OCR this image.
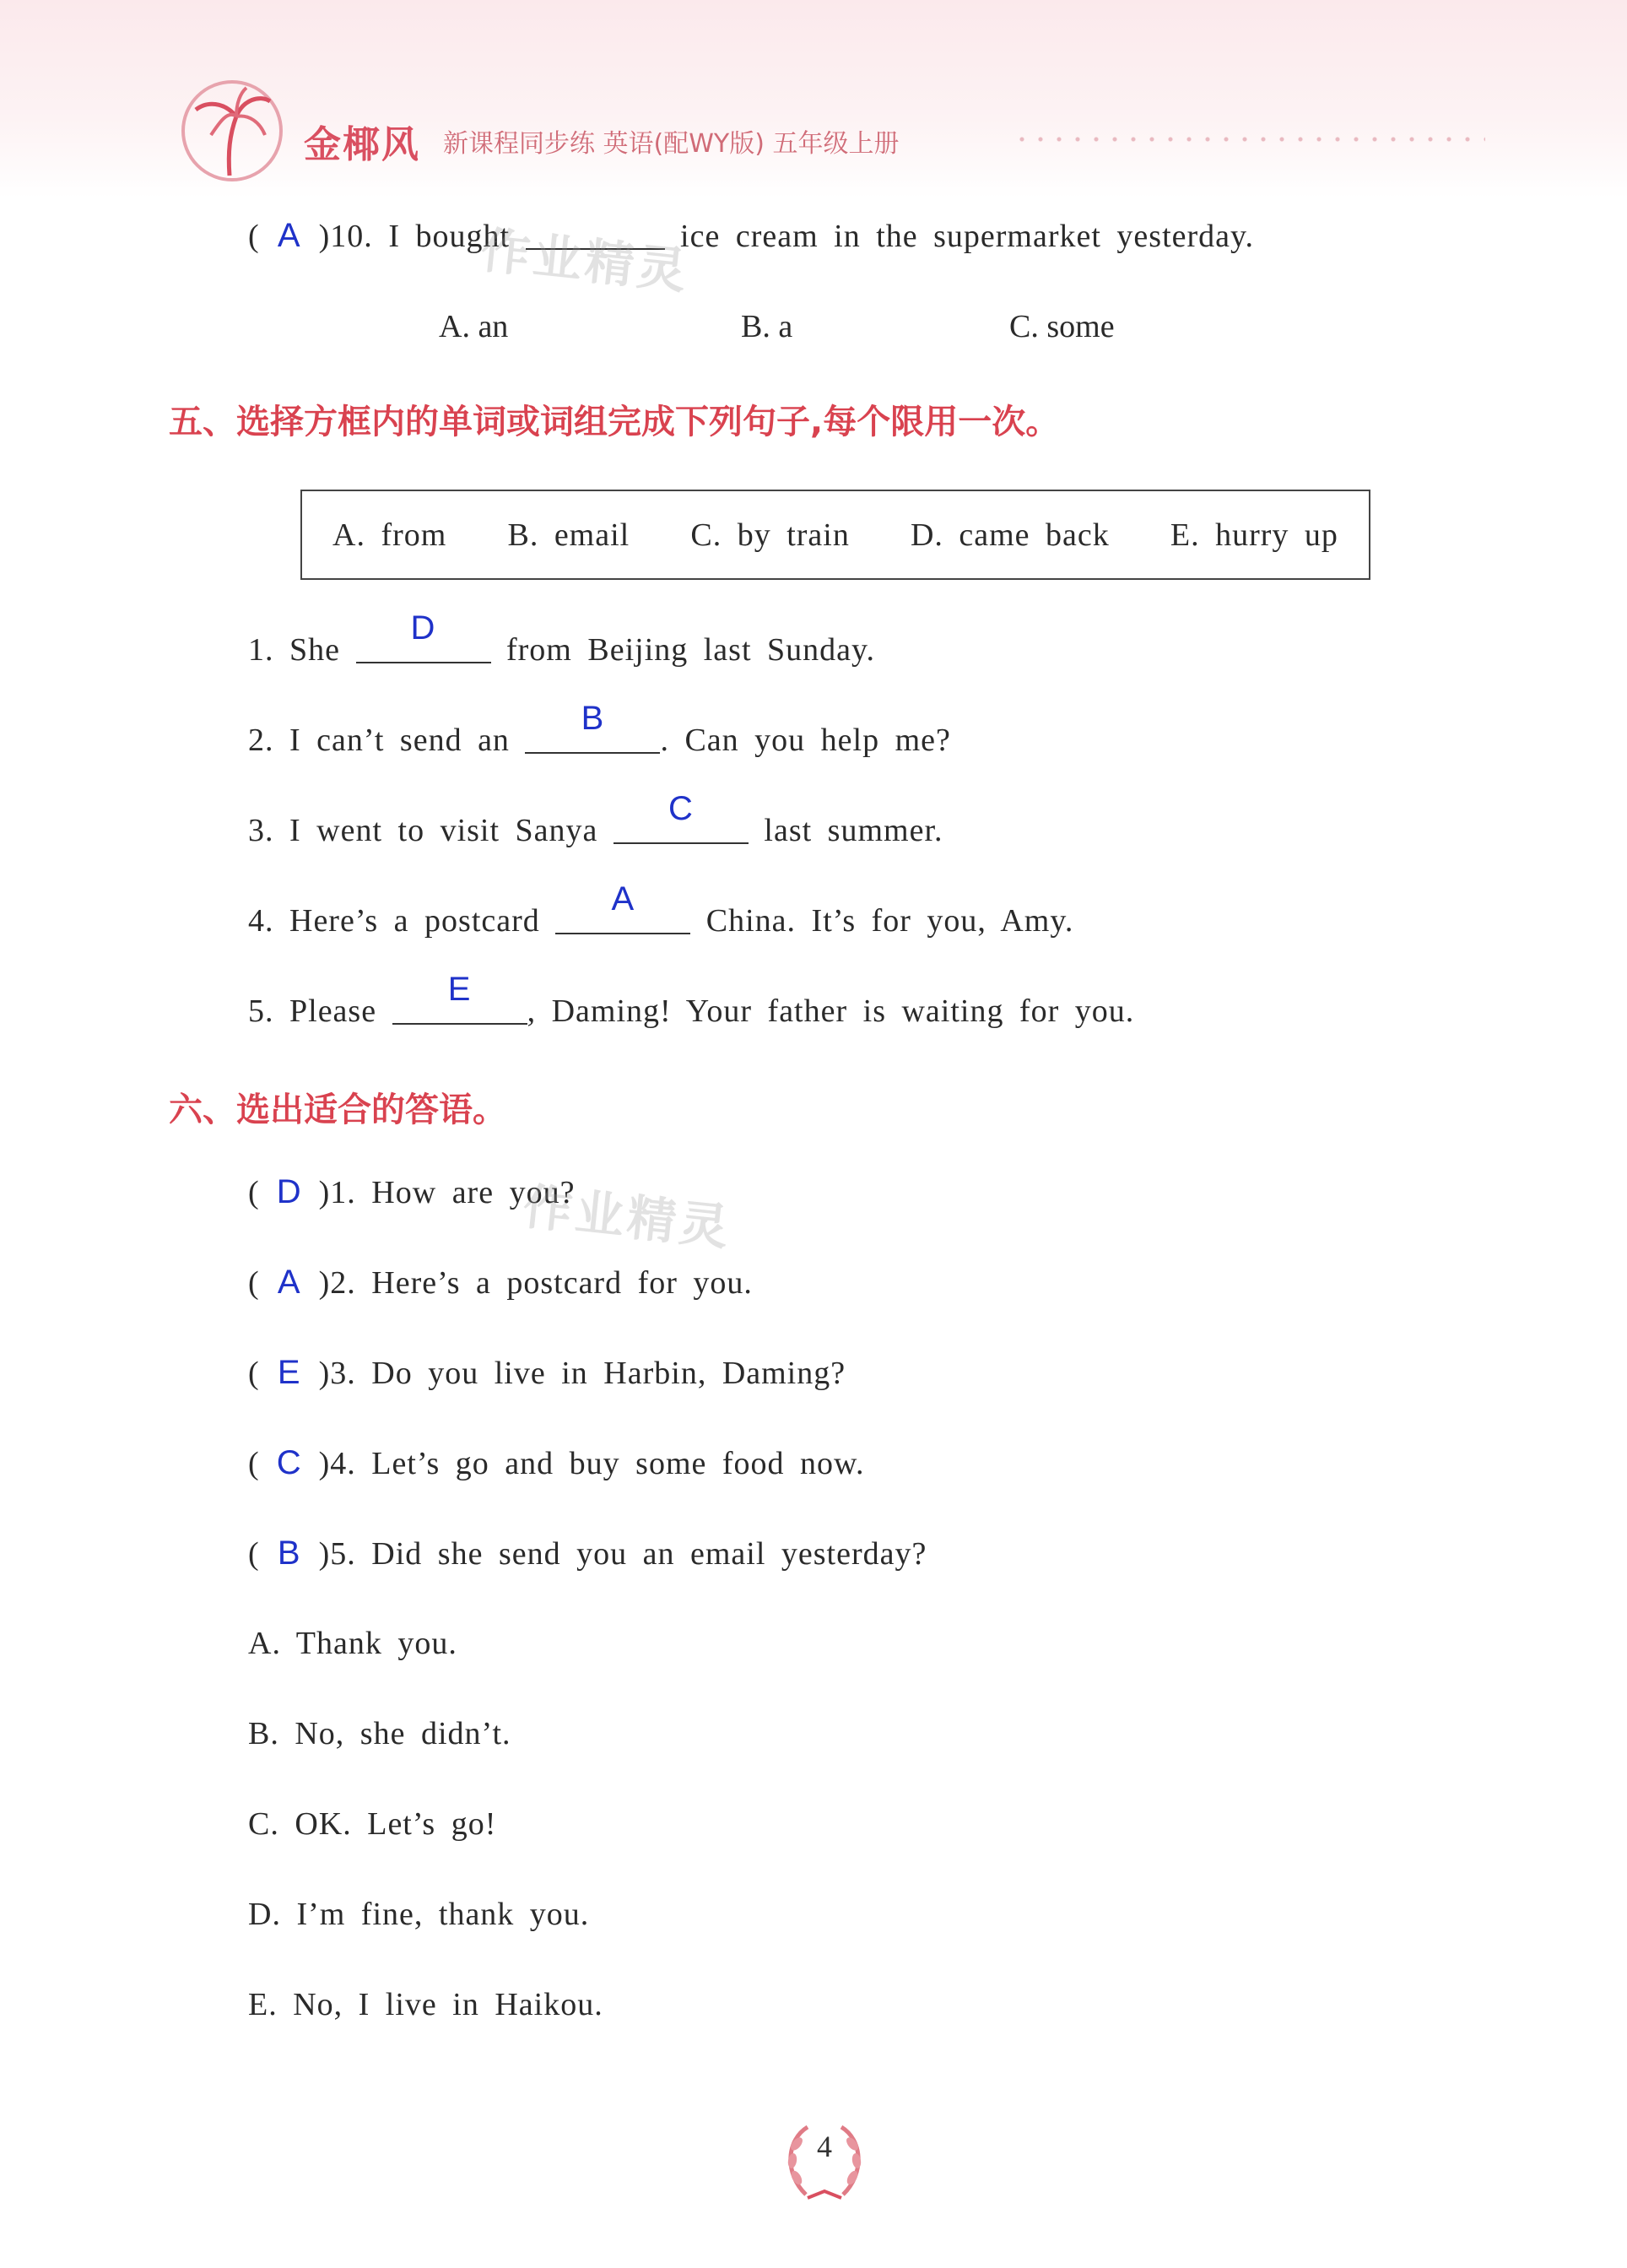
金椰风 新课程同步练 英语(配WY版) 五年级上册
( A )10. I bought	ice cream in the supermarket yesterday.
A. an	B. a	C. some
五、选择方框内的单词或词组完成下列句子,每个限用一次。
A. from B. email C. by train D. came back E. hurry up
1. She
D
from Beijing last Sunday.
2. I can’t send an
B
. Can you help me?
3. I went to visit Sanya
C
last summer.
4. Here’s a postcard
A
China. It’s for you, Amy.
5. Please
E
, Daming! Your father is waiting for you.
六、选出适合的答语。
( D )1. How are you?
( A )2. Here’s a postcard for you.
( E )3. Do you live in Harbin, Daming?
( C )4. Let’s go and buy some food now.
( B )5. Did she send you an email yesterday?
A. Thank you.
B. No, she didn’t.
C. OK. Let’s go!
D. I’m fine, thank you.
E. No, I live in Haikou.
作业精灵
作业精灵
4
